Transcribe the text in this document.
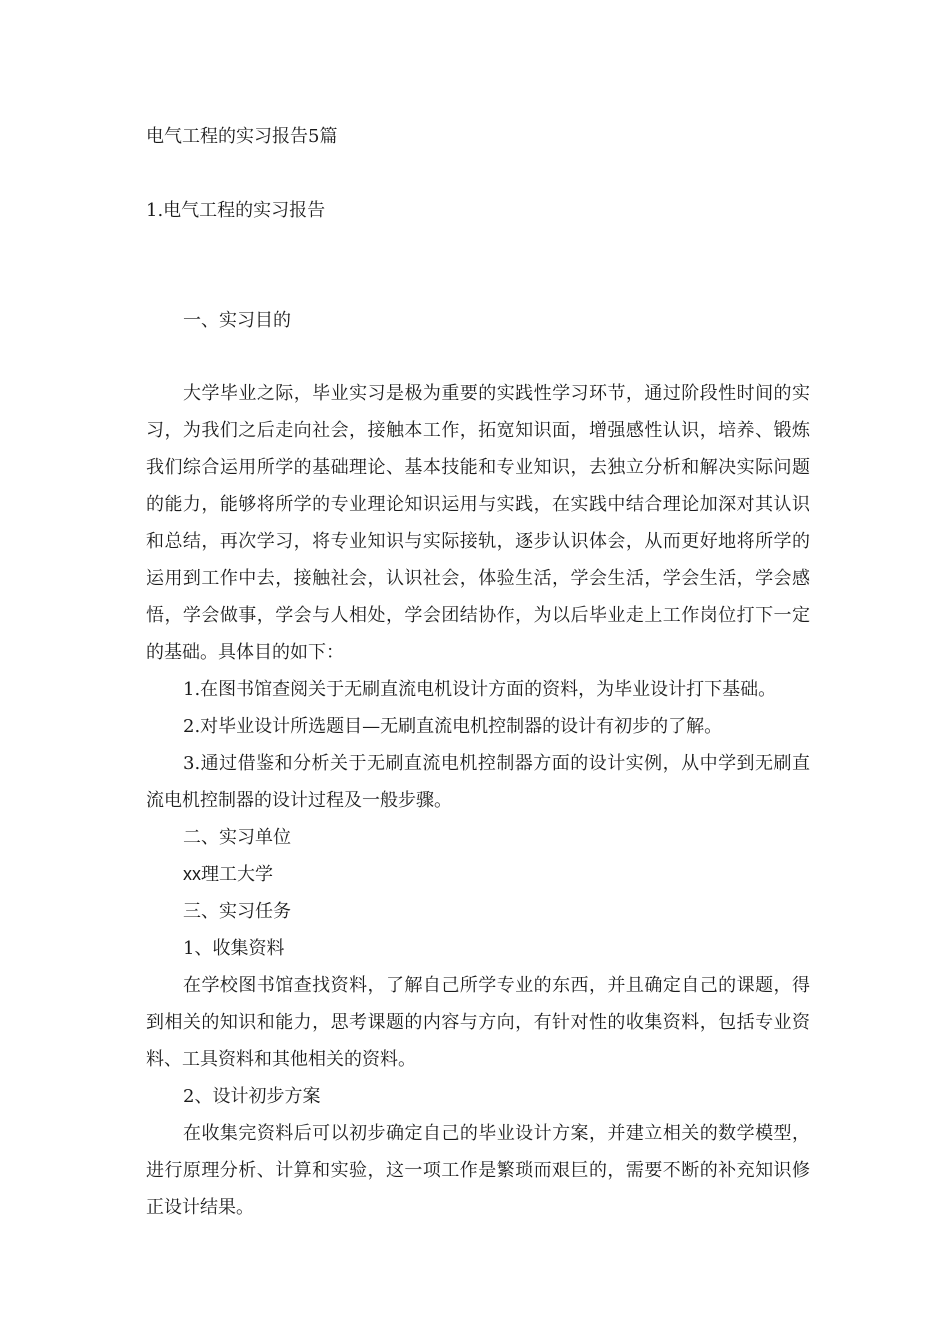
电气工程的实习报告5篇
1.电气工程的实习报告
一、实习目的

大学毕业之际，毕业实习是极为重要的实践性学习环节，通过阶段性时间的实习，为我们之后走向社会，接触本工作，拓宽知识面，增强感性认识，培养、锻炼我们综合运用所学的基础理论、基本技能和专业知识，去独立分析和解决实际问题的能力，能够将所学的专业理论知识运用与实践，在实践中结合理论加深对其认识和总结，再次学习，将专业知识与实际接轨，逐步认识体会，从而更好地将所学的运用到工作中去，接触社会，认识社会，体验生活，学会生活，学会生活，学会感悟，学会做事，学会与人相处，学会团结协作，为以后毕业走上工作岗位打下一定的基础。具体目的如下：

1.在图书馆查阅关于无刷直流电机设计方面的资料，为毕业设计打下基础。

2.对毕业设计所选题目—无刷直流电机控制器的设计有初步的了解。

3.通过借鉴和分析关于无刷直流电机控制器方面的设计实例，从中学到无刷直流电机控制器的设计过程及一般步骤。

二、实习单位

xx理工大学

三、实习任务
1、收集资料

在学校图书馆查找资料，了解自己所学专业的东西，并且确定自己的课题，得到相关的知识和能力，思考课题的内容与方向，有针对性的收集资料，包括专业资料、工具资料和其他相关的资料。

2、设计初步方案

在收集完资料后可以初步确定自己的毕业设计方案，并建立相关的数学模型，进行原理分析、计算和实验，这一项工作是繁琐而艰巨的，需要不断的补充知识修正设计结果。
